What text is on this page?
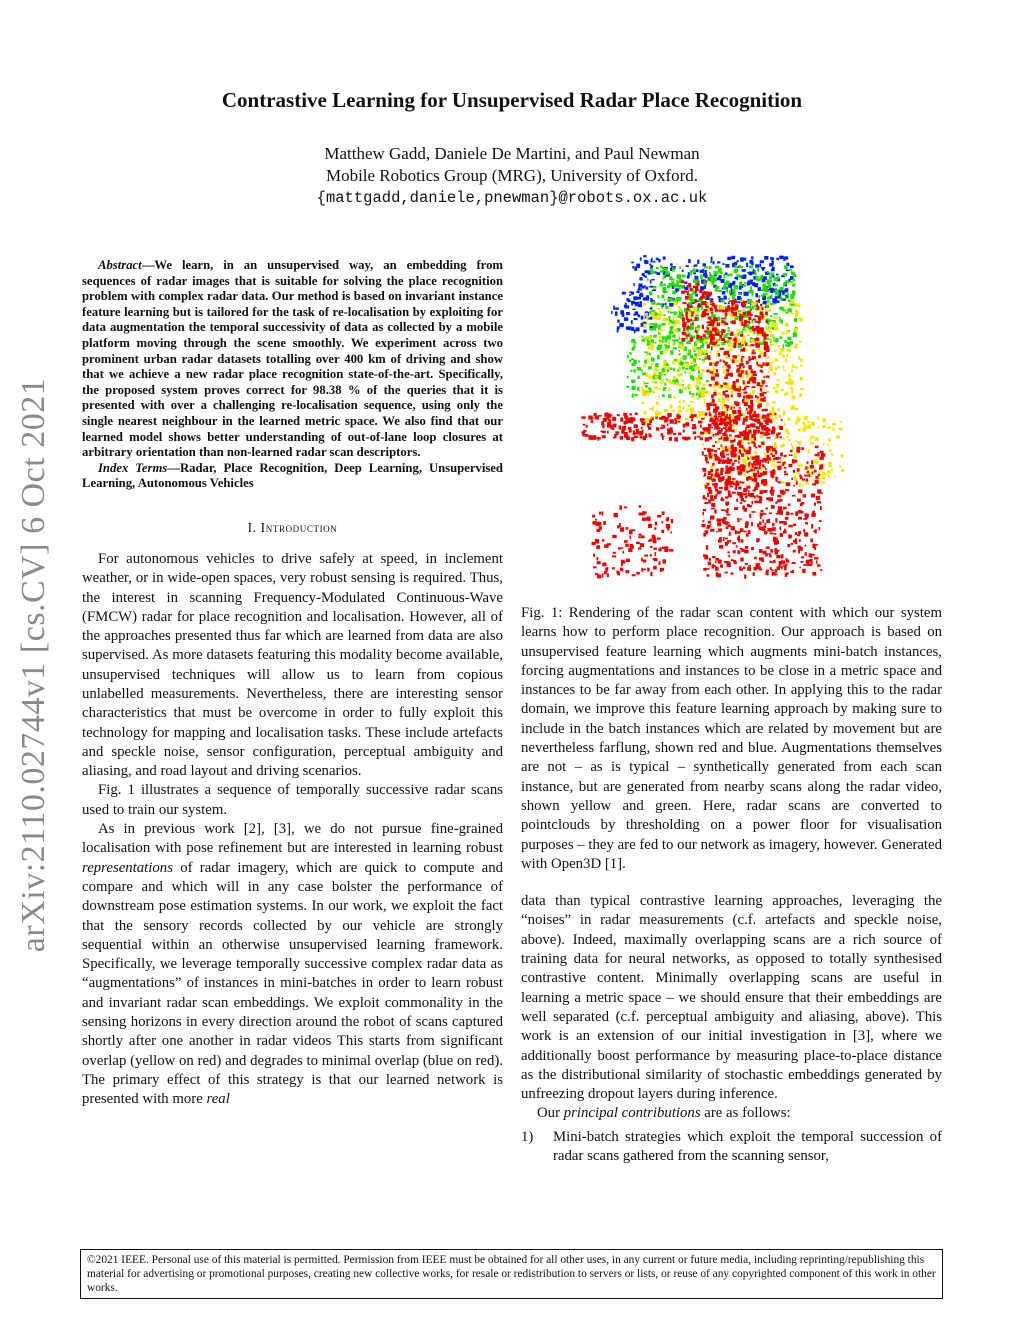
arXiv:2110.02744v1 [cs.CV] 6 Oct 2021
Contrastive Learning for Unsupervised Radar Place Recognition
Matthew Gadd, Daniele De Martini, and Paul Newman
Mobile Robotics Group (MRG), University of Oxford.
{mattgadd,daniele,pnewman}@robots.ox.ac.uk

Abstract—We learn, in an unsupervised way, an embedding from sequences of radar images that is suitable for solving the place recognition problem with complex radar data. Our method is based on invariant instance feature learning but is tailored for the task of re-localisation by exploiting for data augmentation the temporal successivity of data as collected by a mobile platform moving through the scene smoothly. We experiment across two prominent urban radar datasets totalling over 400 km of driving and show that we achieve a new radar place recognition state-of-the-art. Specifically, the proposed system proves correct for 98.38 % of the queries that it is presented with over a challenging re-localisation sequence, using only the single nearest neighbour in the learned metric space. We also find that our learned model shows better understanding of out-of-lane loop closures at arbitrary orientation than non-learned radar scan descriptors.

Index Terms—Radar, Place Recognition, Deep Learning, Unsupervised Learning, Autonomous Vehicles

I. Introduction

For autonomous vehicles to drive safely at speed, in inclement weather, or in wide-open spaces, very robust sensing is required. Thus, the interest in scanning Frequency-Modulated Continuous-Wave (FMCW) radar for place recognition and localisation. However, all of the approaches presented thus far which are learned from data are also supervised. As more datasets featuring this modality become available, unsupervised techniques will allow us to learn from copious unlabelled measurements. Nevertheless, there are interesting sensor characteristics that must be overcome in order to fully exploit this technology for mapping and localisation tasks. These include artefacts and speckle noise, sensor configuration, perceptual ambiguity and aliasing, and road layout and driving scenarios.

Fig. 1 illustrates a sequence of temporally successive radar scans used to train our system.

As in previous work [2], [3], we do not pursue fine-grained localisation with pose refinement but are interested in learning robust representations of radar imagery, which are quick to compute and compare and which will in any case bolster the performance of downstream pose estimation systems. In our work, we exploit the fact that the sensory records collected by our vehicle are strongly sequential within an otherwise unsupervised learning framework. Specifically, we leverage temporally successive complex radar data as “augmentations” of instances in mini-batches in order to learn robust and invariant radar scan embeddings. We exploit commonality in the sensing horizons in every direction around the robot of scans captured shortly after one another in radar videos This starts from significant overlap (yellow on red) and degrades to minimal overlap (blue on red). The primary effect of this strategy is that our learned network is presented with more real

Fig. 1: Rendering of the radar scan content with which our system learns how to perform place recognition. Our approach is based on unsupervised feature learning which augments mini-batch instances, forcing augmentations and instances to be close in a metric space and instances to be far away from each other. In applying this to the radar domain, we improve this feature learning approach by making sure to include in the batch instances which are related by movement but are nevertheless farflung, shown red and blue. Augmentations themselves are not – as is typical – synthetically generated from each scan instance, but are generated from nearby scans along the radar video, shown yellow and green. Here, radar scans are converted to pointclouds by thresholding on a power floor for visualisation purposes – they are fed to our network as imagery, however. Generated with Open3D [1].

data than typical contrastive learning approaches, leveraging the “noises” in radar measurements (c.f. artefacts and speckle noise, above). Indeed, maximally overlapping scans are a rich source of training data for neural networks, as opposed to totally synthesised contrastive content. Minimally overlapping scans are useful in learning a metric space – we should ensure that their embeddings are well separated (c.f. perceptual ambiguity and aliasing, above). This work is an extension of our initial investigation in [3], where we additionally boost performance by measuring place-to-place distance as the distributional similarity of stochastic embeddings generated by unfreezing dropout layers during inference.

Our principal contributions are as follows:

1)	Mini-batch strategies which exploit the temporal succession of radar scans gathered from the scanning sensor,
©2021 IEEE. Personal use of this material is permitted. Permission from IEEE must be obtained for all other uses, in any current or future media, including reprinting/republishing this material for advertising or promotional purposes, creating new collective works, for resale or redistribution to servers or lists, or reuse of any copyrighted component of this work in other works.
